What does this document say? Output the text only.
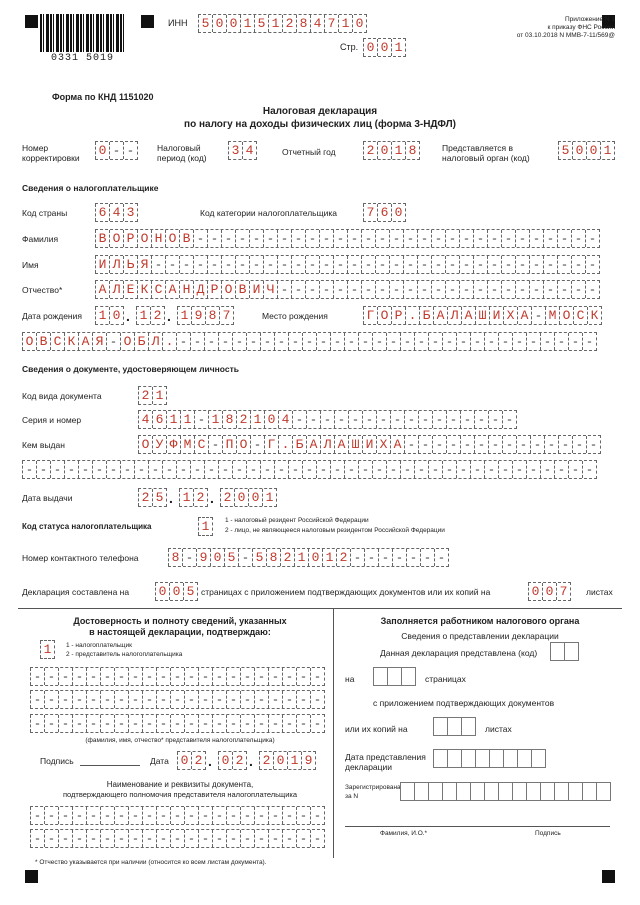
0331 5019
ИНН 5 0 0 1 5 1 2 8 4 7 1 0
Стр. 0 0 1
Приложение N 1
к приказу ФНС России
от 03.10.2018 N ММВ-7-11/569@
Форма по КНД 1151020
Налоговая декларация
по налогу на доходы физических лиц (форма 3-НДФЛ)
Номер
корректировки 0 - -	Налоговый
период (код) 3 4	Отчетный год 2 0 1 8	Представляется в
налоговый орган (код) 5 0 0 1
Сведения о налогоплательщике
Код страны 6 4 3	Код категории налогоплательщика 7 6 0
Фамилия	В О Р О Н О В - - - - - - - - - - - - - - - - - - - - - - - - - - - - -
Имя	И Л Ь Я - - - - - - - - - - - - - - - - - - - - - - - - - - - - - - - -
Отчество*	А Л Е К С А Н Д Р О В И Ч - - - - - - - - - - - - - - - - - - - - - - -
Дата рождения 1 0 . 1 2 . 1 9 8 7	Место рождения	Г О Р . Б А Л А Ш И Х А - М О С К
О В С К А Я - О Б Л . - - - - - - - - - - - - - - - - - - - - - - - - - - - - - -
Сведения о документе, удостоверяющем личность
Код вида документа	2 1
Серия и номер	4 6 1 1 - 1 8 2 1 0 4 - - - - - - - - - - - - - - - -
Кем выдан	О У Ф М С - П О - Г . Б А Л А Ш И Х А - - - - - - - - - - - - - -
- - - - - - - - - - - - - - - - - - - - - - - - - - - - - - - - - - - - - - - - -
Дата выдачи	2 5 . 1 2 . 2 0 0 1
Код статуса налогоплательщика	1	1 - налоговый резидент Российской Федерации
2 - лицо, не являющееся налоговым резидентом Российской Федерации
Номер контактного телефона	8 - 9 0 5 - 5 8 2 1 0 1 2 - - - - - - -
Декларация составлена на 0 0 5 страницах с приложением подтверждающих документов или их копий на	0 0 7	листах
Достоверность и полноту сведений, указанных
в настоящей декларации, подтверждаю:
1	1 - налогоплательщик
2 - представитель налогоплательщика
- - - - - - - - - - - - - - - - - - - - -
- - - - - - - - - - - - - - - - - - - - -
- - - - - - - - - - - - - - - - - - - - -
(фамилия, имя, отчество* представителя налогоплательщика)
Подпись	Дата 0 2 . 0 2 . 2 0 1 9
Наименование и реквизиты документа,
подтверждающего полномочия представителя налогоплательщика
- - - - - - - - - - - - - - - - - - - - -
- - - - - - - - - - - - - - - - - - - - -
Заполняется работником налогового органа
Сведения о представлении декларации
Данная декларация представлена (код)
на	страницах
с приложением подтверждающих документов
или их копий на	листах
Дата представления
декларации
Зарегистрирована
за N
Фамилия, И.О.*	Подпись
* Отчество указывается при наличии (относится ко всем листам документа).
